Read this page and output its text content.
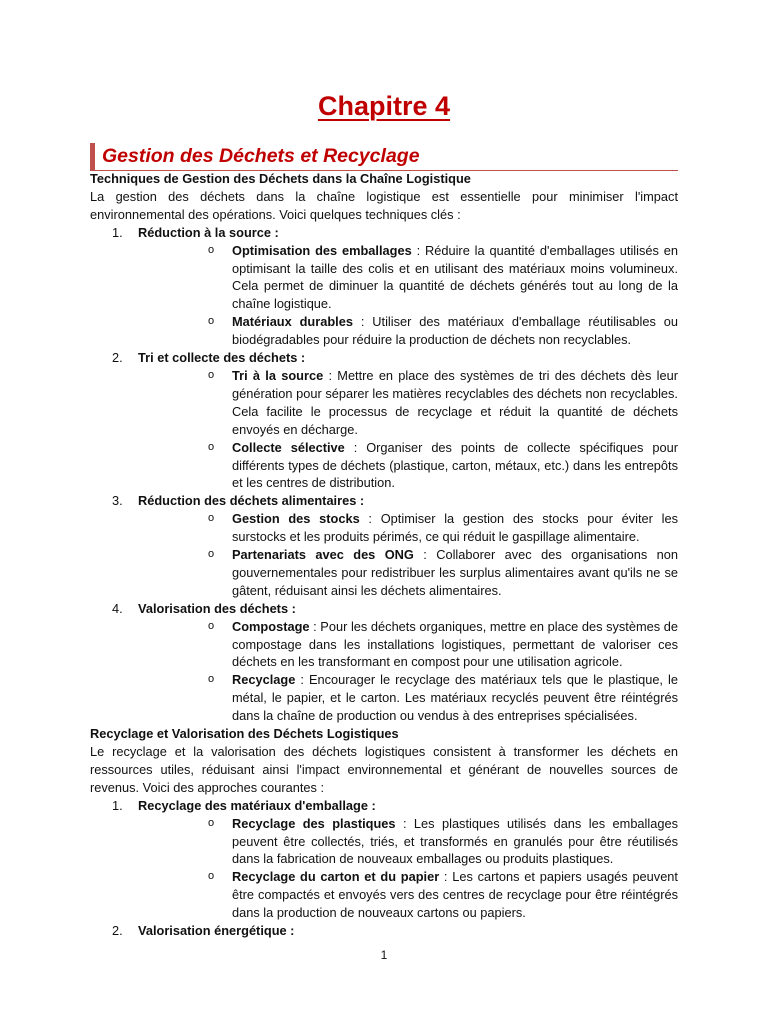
Chapitre 4
Gestion des Déchets et Recyclage

Techniques de Gestion des Déchets dans la Chaîne Logistique

La gestion des déchets dans la chaîne logistique est essentielle pour minimiser l'impact environnemental des opérations. Voici quelques techniques clés :

1. Réduction à la source :
o Optimisation des emballages : Réduire la quantité d'emballages utilisés en optimisant la taille des colis et en utilisant des matériaux moins volumineux. Cela permet de diminuer la quantité de déchets générés tout au long de la chaîne logistique.
o Matériaux durables : Utiliser des matériaux d'emballage réutilisables ou biodégradables pour réduire la production de déchets non recyclables.
2. Tri et collecte des déchets :
o Tri à la source : Mettre en place des systèmes de tri des déchets dès leur génération pour séparer les matières recyclables des déchets non recyclables. Cela facilite le processus de recyclage et réduit la quantité de déchets envoyés en décharge.
o Collecte sélective : Organiser des points de collecte spécifiques pour différents types de déchets (plastique, carton, métaux, etc.) dans les entrepôts et les centres de distribution.
3. Réduction des déchets alimentaires :
o Gestion des stocks : Optimiser la gestion des stocks pour éviter les surstocks et les produits périmés, ce qui réduit le gaspillage alimentaire.
o Partenariats avec des ONG : Collaborer avec des organisations non gouvernementales pour redistribuer les surplus alimentaires avant qu'ils ne se gâtent, réduisant ainsi les déchets alimentaires.
4. Valorisation des déchets :
o Compostage : Pour les déchets organiques, mettre en place des systèmes de compostage dans les installations logistiques, permettant de valoriser ces déchets en les transformant en compost pour une utilisation agricole.
o Recyclage : Encourager le recyclage des matériaux tels que le plastique, le métal, le papier, et le carton. Les matériaux recyclés peuvent être réintégrés dans la chaîne de production ou vendus à des entreprises spécialisées.

Recyclage et Valorisation des Déchets Logistiques

Le recyclage et la valorisation des déchets logistiques consistent à transformer les déchets en ressources utiles, réduisant ainsi l'impact environnemental et générant de nouvelles sources de revenus. Voici des approches courantes :

1. Recyclage des matériaux d'emballage :
o Recyclage des plastiques : Les plastiques utilisés dans les emballages peuvent être collectés, triés, et transformés en granulés pour être réutilisés dans la fabrication de nouveaux emballages ou produits plastiques.
o Recyclage du carton et du papier : Les cartons et papiers usagés peuvent être compactés et envoyés vers des centres de recyclage pour être réintégrés dans la production de nouveaux cartons ou papiers.
2. Valorisation énergétique :
1
